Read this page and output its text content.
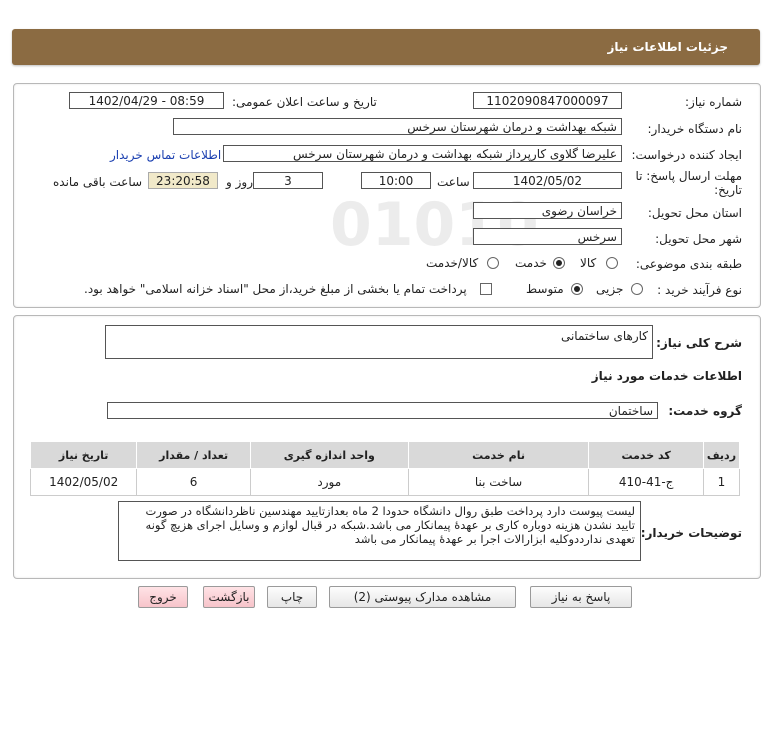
جزئیات اطلاعات نیاز
شماره نیاز:
1102090847000097
تاریخ و ساعت اعلان عمومی:
1402/04/29 - 08:59
نام دستگاه خریدار:
شبکه بهداشت و درمان شهرستان سرخس
ایجاد کننده درخواست:
علیرضا گلاوی کارپرداز شبکه بهداشت و درمان شهرستان سرخس
اطلاعات تماس خریدار
مهلت ارسال پاسخ: تا
تاریخ:
1402/05/02
ساعت
10:00
3
روز و
23:20:58
ساعت باقی مانده
استان محل تحویل:
خراسان رضوی
شهر محل تحویل:
سرخس
طبقه بندی موضوعی:
کالا
خدمت
کالا/خدمت
نوع فرآیند خرید :
جزیی
متوسط
پرداخت تمام یا بخشی از مبلغ خرید،از محل "اسناد خزانه اسلامی" خواهد بود.
شرح کلی نیاز:
کارهای ساختمانی
اطلاعات خدمات مورد نیاز
گروه خدمت:
ساختمان
ردیف	کد خدمت	نام خدمت	واحد اندازه گیری	تعداد / مقدار	تاریخ نیاز
1	ج-41-410	ساخت بنا	مورد	6	1402/05/02
توضیحات خریدار:
لیست پیوست دارد پرداخت طبق روال دانشگاه حدودا 2 ماه بعدازتایید مهندسین ناظردانشگاه در صورت تایید نشدن هزینه دوباره کاری بر عهدهٔ پیمانکار می باشد.شبکه در قبال لوازم و وسایل اجرای هزیچ گونه تعهدی ندارددوکلیه ابزارالات اجرا بر عهدهٔ پیمانکار می باشد
پاسخ به نیاز
مشاهده مدارک پیوستی (2)
چاپ
بازگشت
خروج
